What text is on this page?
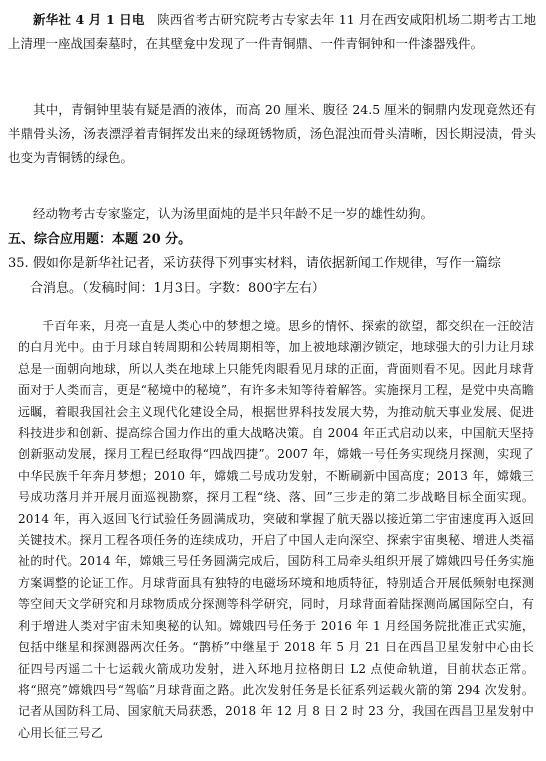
新华社 4 月 1 日电　 陕西省考古研究院考古专家去年 11 月在西安咸阳机场二期考古工地上清理一座战国秦墓时，在其壁龛中发现了一件青铜鼎、一件青铜钟和一件漆器残件。

其中，青铜钟里装有疑是酒的液体，而高 20 厘米、腹径 24.5 厘米的铜鼎内发现竟然还有半鼎骨头汤，汤表漂浮着青铜挥发出来的绿斑锈物质，汤色混浊而骨头清晰，因长期浸渍，骨头也变为青铜锈的绿色。

经动物考古专家鉴定，认为汤里面炖的是半只年龄不足一岁的雄性幼狗。

五、综合应用题：本题 20 分。
35. 假如你是新华社记者，采访获得下列事实材料，请依据新闻工作规律，写作一篇综
合消息。（发稿时间：1月3日。字数：800字左右）

千百年来，月亮一直是人类心中的梦想之境。思乡的情怀、探索的欲望，都交织在一汪皎洁的白月光中。由于月球自转周期和公转周期相等，加上被地球潮汐锁定，地球强大的引力让月球总是一面朝向地球，所以人类在地球上只能凭肉眼看见月球的正面，背面则看不见。因此月球背面对于人类而言，更是“秘境中的秘境”，有许多未知等待着解答。实施探月工程，是党中央高瞻远瞩，着眼我国社会主义现代化建设全局，根据世界科技发展大势，为推动航天事业发展、促进科技进步和创新、提高综合国力作出的重大战略决策。自 2004 年正式启动以来，中国航天坚持创新驱动发展，探月工程已经取得“四战四捷”。2007 年，嫦娥一号任务实现绕月探测，实现了中华民族千年奔月梦想；2010 年，嫦娥二号成功发射，不断刷新中国高度；2013 年，嫦娥三号成功落月并开展月面巡视勘察，探月工程“绕、落、回”三步走的第二步战略目标全面实现。2014 年，再入返回飞行试验任务圆满成功，突破和掌握了航天器以接近第二宇宙速度再入返回关键技术。探月工程各项任务的连续成功，开启了中国人走向深空、探索宇宙奥秘、增进人类福祉的时代。2014 年，嫦娥三号任务圆满完成后，国防科工局牵头组织开展了嫦娥四号任务实施方案调整的论证工作。月球背面具有独特的电磁场环境和地质特征，特别适合开展低频射电探测等空间天文学研究和月球物质成分探测等科学研究，同时，月球背面着陆探测尚属国际空白，有利于增进人类对宇宙未知奥秘的认知。嫦娥四号任务于 2016 年 1 月经国务院批准正式实施，包括中继星和探测器两次任务。“鹊桥”中继星于 2018 年 5 月 21 日在西昌卫星发射中心由长征四号丙遥二十七运载火箭成功发射，进入环地月拉格朗日 L2 点使命轨道，目前状态正常。将“照亮”嫦娥四号“驾临”月球背面之路。此次发射任务是长征系列运载火箭的第 294 次发射。记者从国防科工局、国家航天局获悉，2018 年 12 月 8 日 2 时 23 分，我国在西昌卫星发射中心用长征三号乙
